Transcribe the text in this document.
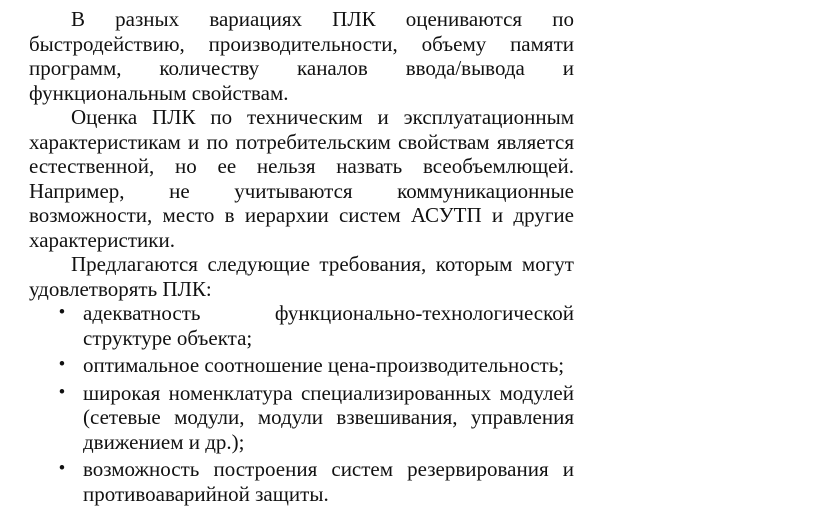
В разных вариациях ПЛК оцениваются по быстродействию, производительности, объему памяти программ, количеству каналов ввода/вывода и функциональным свойствам.

Оценка ПЛК по техническим и эксплуатационным характеристикам и по потребительским свойствам является естественной, но ее нельзя назвать всеобъемлющей. Например, не учитываются коммуникационные возможности, место в иерархии систем АСУТП и другие характеристики.

Предлагаются следующие требования, которым могут удовлетворять ПЛК:

• адекватность функционально-технологической структуре объекта;
• оптимальное соотношение цена-производительность;
• широкая номенклатура специализированных модулей (сетевые модули, модули взвешивания, управления движением и др.);
• возможность построения систем резервирования и противоаварийной защиты.
